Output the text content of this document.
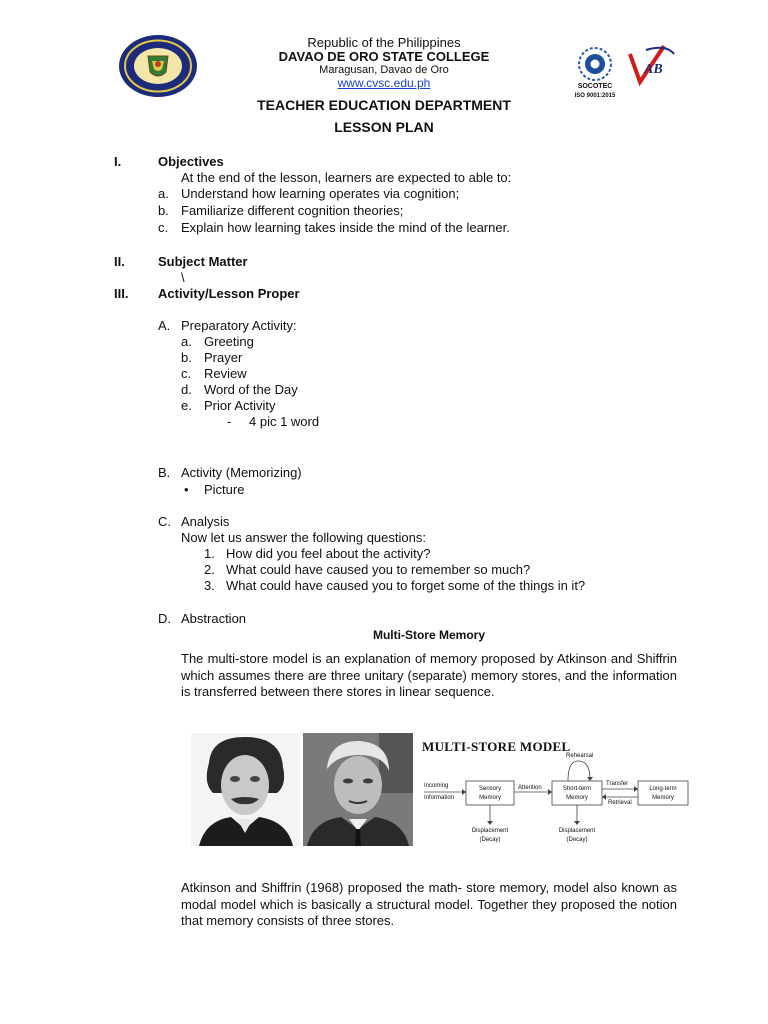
Republic of the Philippines
DAVAO DE ORO STATE COLLEGE
Maragusan, Davao de Oro
www.cvsc.edu.ph	SOCOTEC
ISO 9001:2015
AB
TEACHER EDUCATION DEPARTMENT
LESSON PLAN
I.	Objectives
At the end of the lesson, learners are expected to able to:
a. Understand how learning operates via cognition;
b. Familiarize different cognition theories;
c. Explain how learning takes inside the mind of the learner.
II.	Subject Matter
\
III. Activity/Lesson Proper
A. Preparatory Activity:
a. Greeting
b. Prayer
c. Review
d. Word of the Day
e. Prior Activity
- 4 pic 1 word
B. Activity (Memorizing)
• Picture
C. Analysis
Now let us answer the following questions:
1. How did you feel about the activity?
2. What could have caused you to remember so much?
3. What could have caused you to forget some of the things in it?
D. Abstraction
Multi-Store Memory
The multi-store model is an explanation of memory proposed by Atkinson and Shiffrin which assumes there are three unitary (separate) memory stores, and the information is transferred between there stores in linear sequence.
MULTI-STORE MODEL
Rehearsal
Incoming
Information
Sensory
Memory
Attention	Short-term
Memory
Transfer
Retrieval
Long-term
Memory
Displacement
(Decay)
Displacement
(Decay)
Atkinson and Shiffrin (1968) proposed the math- store memory, model also known as modal model which is basically a structural model. Together they proposed the notion that memory consists of three stores.
